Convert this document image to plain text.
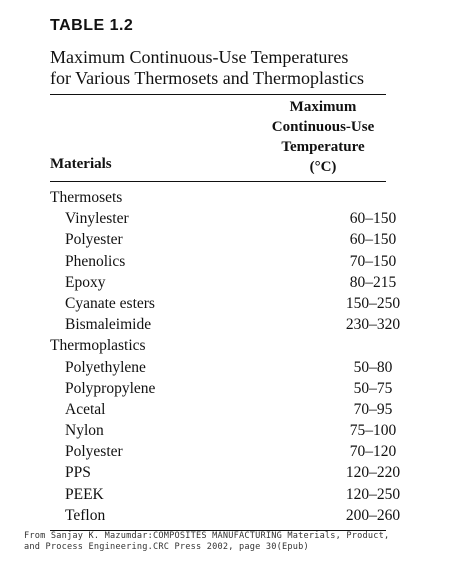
TABLE 1.2
Maximum Continuous-Use Temperatures
for Various Thermosets and Thermoplastics
Materials
Maximum
Continuous-Use
Temperature
(°C)
Thermosets
Vinylester	60–150
Polyester	60–150
Phenolics	70–150
Epoxy	80–215
Cyanate esters	150–250
Bismaleimide	230–320
Thermoplastics
Polyethylene	50–80
Polypropylene	50–75
Acetal	70–95
Nylon	75–100
Polyester	70–120
PPS	120–220
PEEK	120–250
Teflon	200–260
From Sanjay K. Mazumdar:COMPOSITES MANUFACTURING Materials, Product,
and Process Engineering.CRC Press 2002, page 30(Epub)
